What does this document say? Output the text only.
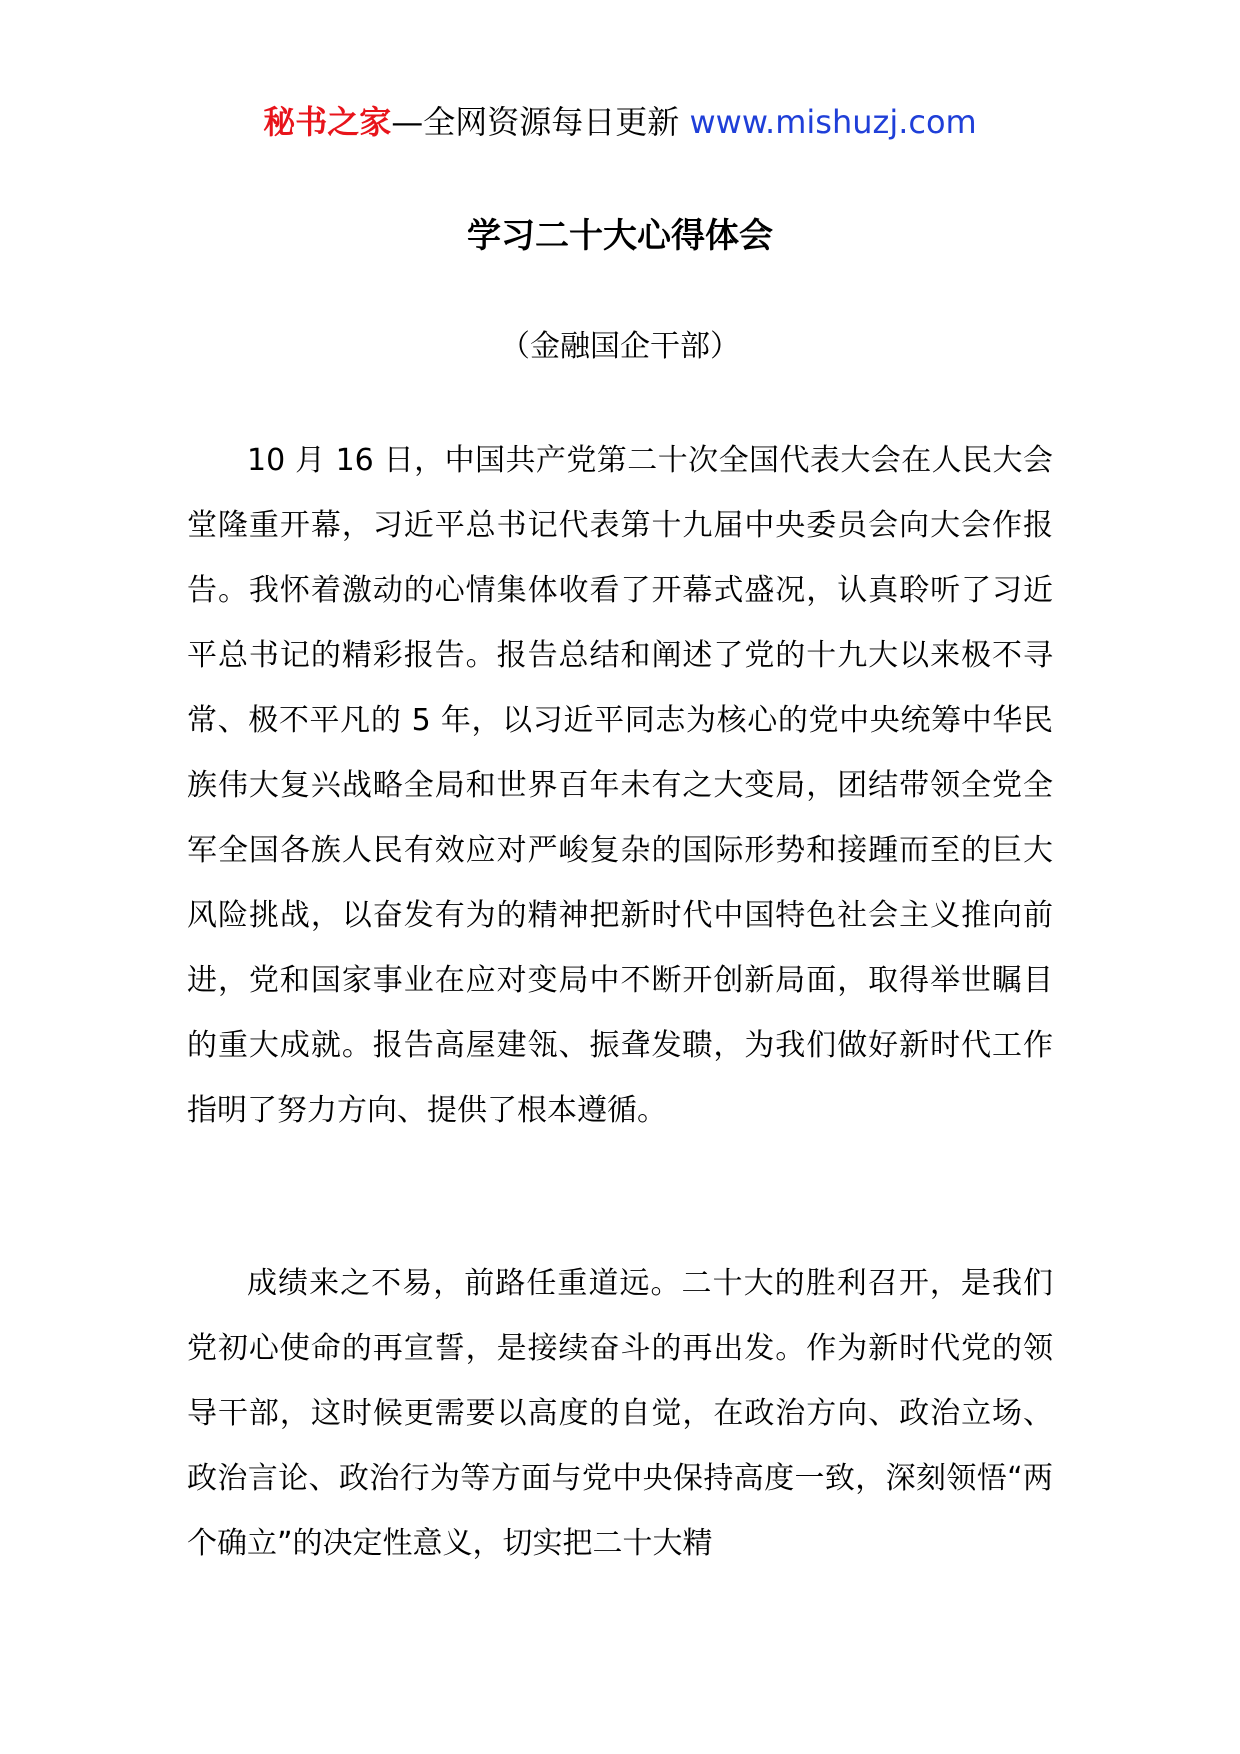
秘书之家—全网资源每日更新 www.mishuzj.com
学习二十大心得体会

（金融国企干部）

10 月 16 日，中国共产党第二十次全国代表大会在人民大会堂隆重开幕，习近平总书记代表第十九届中央委员会向大会作报告。我怀着激动的心情集体收看了开幕式盛况，认真聆听了习近平总书记的精彩报告。报告总结和阐述了党的十九大以来极不寻常、极不平凡的 5 年，以习近平同志为核心的党中央统筹中华民族伟大复兴战略全局和世界百年未有之大变局，团结带领全党全军全国各族人民有效应对严峻复杂的国际形势和接踵而至的巨大风险挑战，以奋发有为的精神把新时代中国特色社会主义推向前进，党和国家事业在应对变局中不断开创新局面，取得举世瞩目的重大成就。报告高屋建瓴、振聋发聩，为我们做好新时代工作指明了努力方向、提供了根本遵循。

成绩来之不易，前路任重道远。二十大的胜利召开，是我们党初心使命的再宣誓，是接续奋斗的再出发。作为新时代党的领导干部，这时候更需要以高度的自觉，在政治方向、政治立场、政治言论、政治行为等方面与党中央保持高度一致，深刻领悟“两个确立”的决定性意义，切实把二十大精
